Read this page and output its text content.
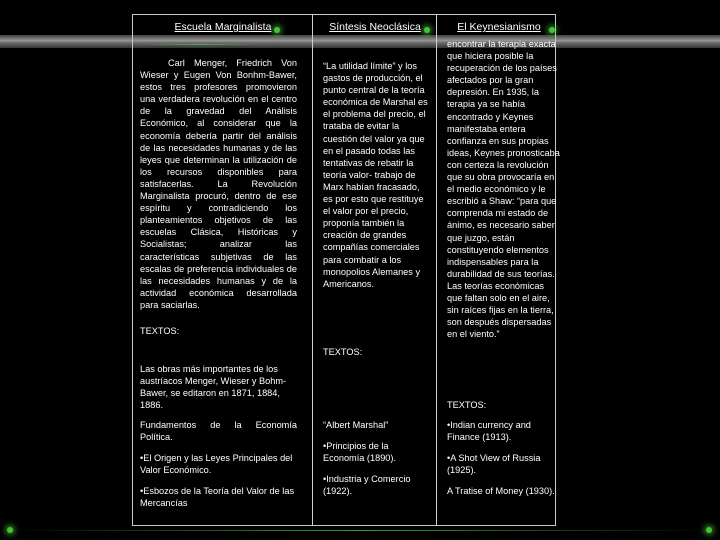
Escuela Marginalista	Síntesis Neoclásica	El Keynesianismo

Carl Menger, Friedrich Von Wieser y Eugen Von Bonhm-Bawer, estos tres profesores promovieron una verdadera revolución en el centro de la gravedad del Análisis Económico, al considerar que la economía debería partir del análisis de las necesidades humanas y de las leyes que determinan la utilización de los recursos disponibles para satisfacerlas. La Revolución Marginalista procuró, dentro de ese espíritu y contradiciendo los planteamientos objetivos de las escuelas Clásica, Históricas y Socialistas; analizar las características subjetivas de las escalas de preferencia individuales de las necesidades humanas y de la actividad económica desarrollada para saciarlas.

TEXTOS:
Las obras más importantes de los austríacos Menger, Wieser y Bohm-Bawer, se editaron en 1871, 1884, 1886.
Fundamentos de la Economía Política.
•El Origen y las Leyes Principales del Valor Económico.
•Esbozos de la Teoría del Valor de las Mercancías
“La utilidad límite” y los gastos de producción, el punto central de la teoría económica de Marshal es el problema del precio, el trataba de evitar la cuestión del valor ya que en el pasado todas las tentativas de rebatir la teoría valor- trabajo de Marx habían fracasado, es por esto que restituye el valor por el precio, proponía también la creación de grandes compañías comerciales para combatir a los monopolios Alemanes y Americanos.
TEXTOS:
“Albert Marshal”
•Principios de la Economía (1890).
•Industria y Comercio (1922).
encontrar la terapia exacta que hiciera posible la recuperación de los países afectados por la gran depresión. En 1935, la terapia ya se había encontrado y Keynes manifestaba entera confianza en sus propias ideas, Keynes pronosticaba con certeza la revolución que su obra provocaría en el medio económico y le escribió a Shaw: “para que comprenda mi estado de ánimo, es necesario saber que juzgo, están constituyendo elementos indispensables para la durabilidad de sus teorías. Las teorías económicas que faltan solo en el aire, sin raíces fijas en la tierra, son después dispersadas en el viento.”
TEXTOS:
•Indian currency and Finance (1913).
•A Shot View of Russia (1925).
A Tratise of Money (1930).
